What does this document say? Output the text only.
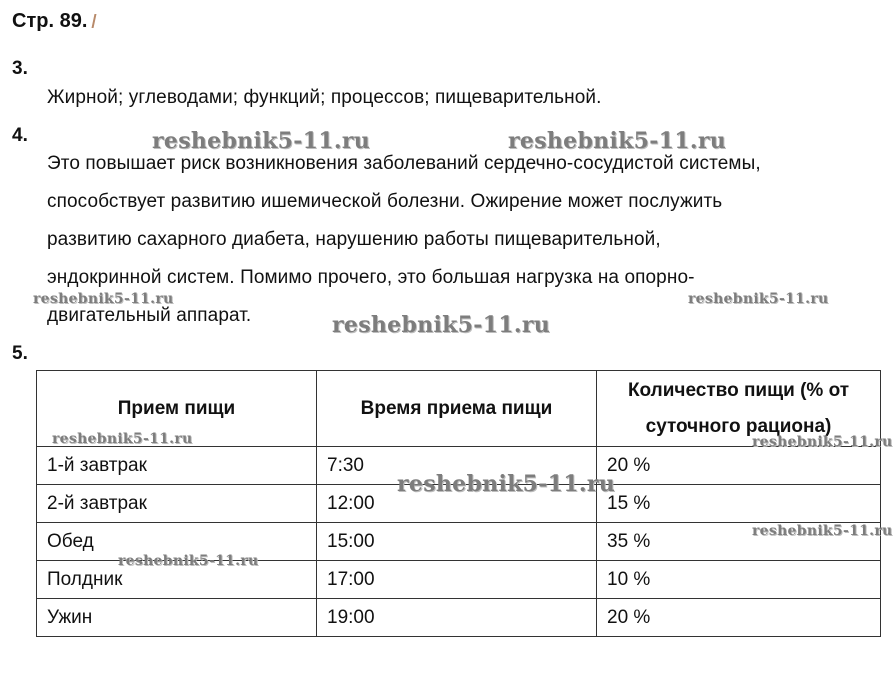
Стр. 89.
3.
Жирной; углеводами; функций; процессов; пищеварительной.
4.
Это повышает риск возникновения заболеваний сердечно-сосудистой системы,
способствует развитию ишемической болезни. Ожирение может послужить
развитию сахарного диабета, нарушению работы пищеварительной,
эндокринной систем. Помимо прочего, это большая нагрузка на опорно-
двигательный аппарат.
5.
Прием пищи	Время приема пищи	Количество пищи (% от суточного рациона)
1-й завтрак	7:30	20 %
2-й завтрак	12:00	15 %
Обед	15:00	35 %
Полдник	17:00	10 %
Ужин	19:00	20 %
reshebnik5-11.ru	reshebnik5-11.ru
reshebnik5-11.ru	reshebnik5-11.ru
reshebnik5-11.ru
reshebnik5-11.ru	reshebnik5-11.ru
reshebnik5-11.ru
reshebnik5-11.ru
reshebnik5-11.ru
